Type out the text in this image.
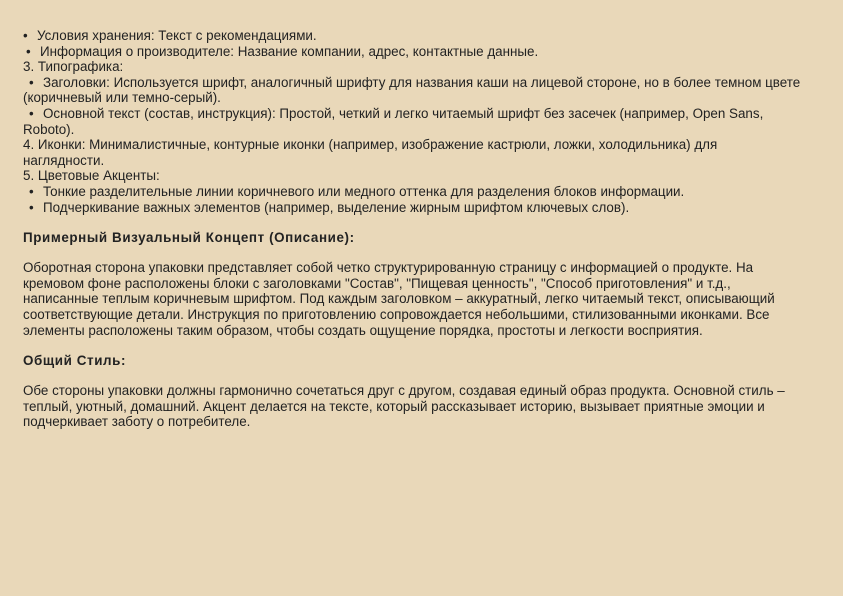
• Условия хранения: Текст с рекомендациями.
• Информация о производителе: Название компании, адрес, контактные данные.
3. Типографика:
• Заголовки: Используется шрифт, аналогичный шрифту для названия каши на лицевой стороне, но в более темном цвете
(коричневый или темно-серый).
• Основной текст (состав, инструкция): Простой, четкий и легко читаемый шрифт без засечек (например, Open Sans,
Roboto).
4. Иконки: Минималистичные, контурные иконки (например, изображение кастрюли, ложки, холодильника) для
наглядности.
5. Цветовые Акценты:
• Тонкие разделительные линии коричневого или медного оттенка для разделения блоков информации.
• Подчеркивание важных элементов (например, выделение жирным шрифтом ключевых слов).
Примерный Визуальный Концепт (Описание):
Оборотная сторона упаковки представляет собой четко структурированную страницу с информацией о продукте. На
кремовом фоне расположены блоки с заголовками "Состав", "Пищевая ценность", "Способ приготовления" и т.д.,
написанные теплым коричневым шрифтом. Под каждым заголовком – аккуратный, легко читаемый текст, описывающий
соответствующие детали. Инструкция по приготовлению сопровождается небольшими, стилизованными иконками. Все
элементы расположены таким образом, чтобы создать ощущение порядка, простоты и легкости восприятия.
Общий Стиль:
Обе стороны упаковки должны гармонично сочетаться друг с другом, создавая единый образ продукта. Основной стиль –
теплый, уютный, домашний. Акцент делается на тексте, который рассказывает историю, вызывает приятные эмоции и
подчеркивает заботу о потребителе.
